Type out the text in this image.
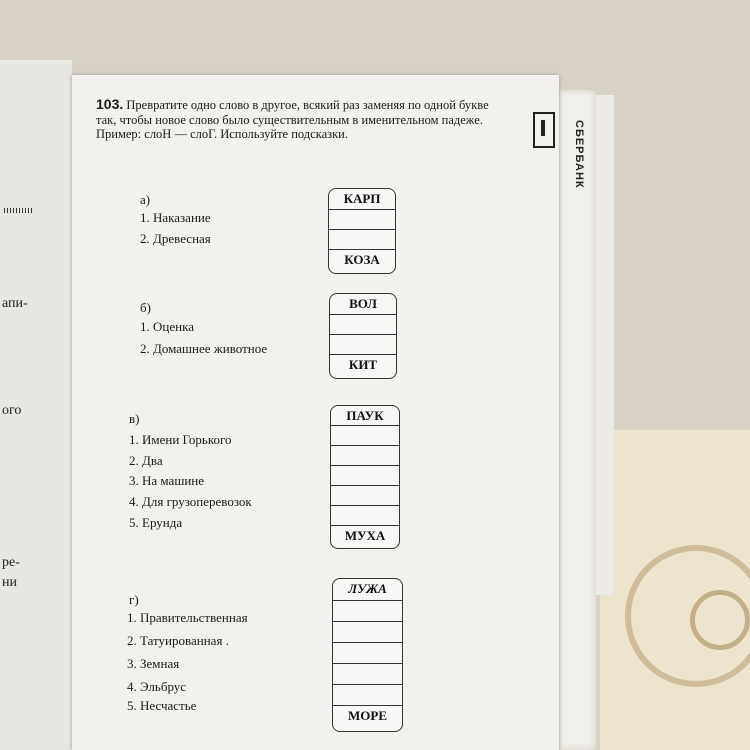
СБЕРБАНК
апи-
ого
ре-
ни
103. Превратите одно слово в другое, всякий раз заменяя по одной букве так, чтобы новое слово было существительным в именительном падеже. Пример: слоН — слоГ. Используйте подсказки.
а)
1. Наказание
2. Древесная
КАРП
КОЗА
б)
1. Оценка
2. Домашнее животное
ВОЛ
КИТ
в)
1. Имени Горького
2. Два
3. На машине
4. Для грузоперевозок
5. Ерунда
ПАУК
МУХА
г)
1. Правительственная
2. Татуированная .
3. Земная
4. Эльбрус
5. Несчастье
ЛУЖА
МОРЕ
